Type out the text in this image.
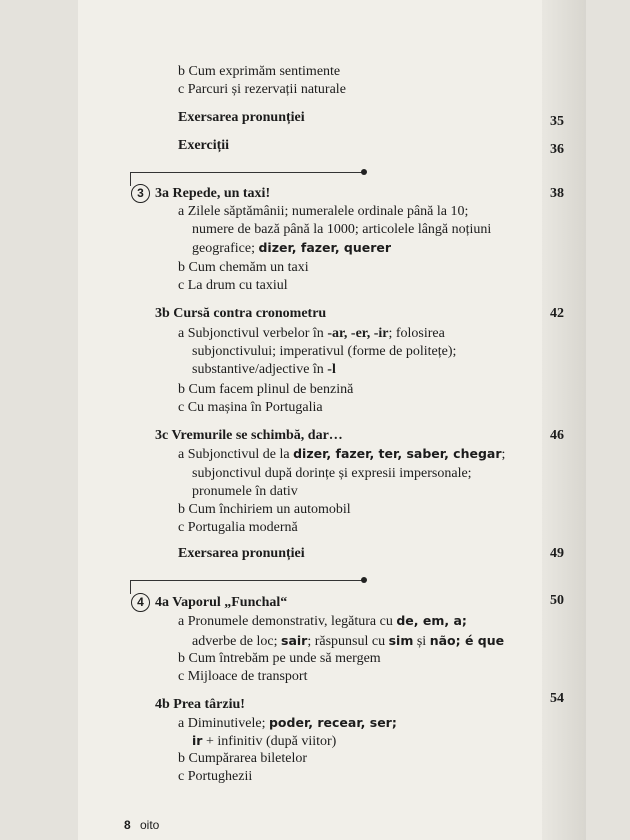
b Cum exprimăm sentimente
c Parcuri și rezervații naturale
Exersarea pronunției	35
Exerciții	36
3 3a Repede, un taxi!	38
a Zilele săptămânii; numeralele ordinale până la 10;
numere de bază până la 1000; articolele lângă noțiuni
geografice; dizer, fazer, querer
b Cum chemăm un taxi
c La drum cu taxiul
3b Cursă contra cronometru	42
a Subjonctivul verbelor în -ar, -er, -ir; folosirea
subjonctivului; imperativul (forme de politețe);
substantive/adjective în -l
b Cum facem plinul de benzină
c Cu mașina în Portugalia
3c Vremurile se schimbă, dar…	46
a Subjonctivul de la dizer, fazer, ter, saber, chegar;
subjonctivul după dorințe și expresii impersonale;
pronumele în dativ
b Cum închiriem un automobil
c Portugalia modernă
Exersarea pronunției	49
4 4a Vaporul „Funchal“	50
a Pronumele demonstrativ, legătura cu de, em, a;
adverbe de loc; sair; răspunsul cu sim și não; é que
b Cum întrebăm pe unde să mergem
c Mijloace de transport
4b Prea târziu!	54
a Diminutivele; poder, recear, ser;
ir + infinitiv (după viitor)
b Cumpărarea biletelor
c Portughezii
8 oito
